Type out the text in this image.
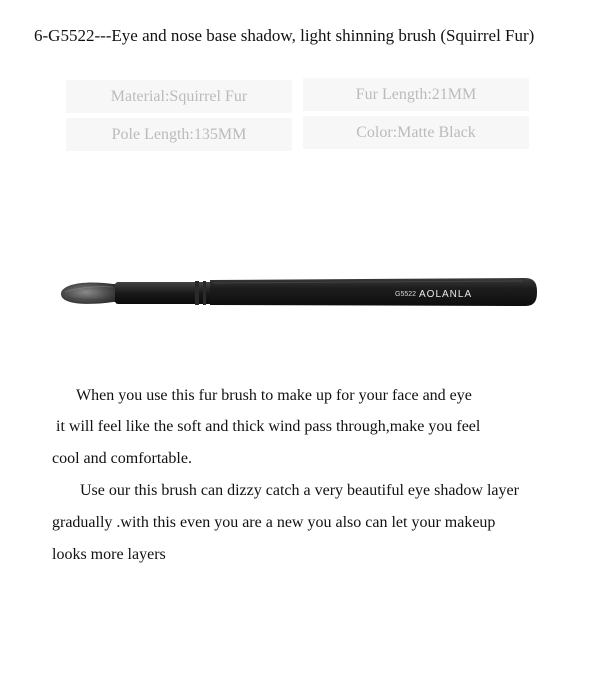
6-G5522---Eye and nose base shadow, light shinning brush (Squirrel Fur)
Material:Squirrel Fur	Fur Length:21MM
Pole Length:135MM	Color:Matte Black
G5522 AOLANLA
When you use this fur brush to make up for your face and eye
it will feel like the soft and thick wind pass through,make you feel
cool and comfortable.
Use our this brush can dizzy catch a very beautiful eye shadow layer
gradually .with this even you are a new you also can let your makeup
looks more layers
